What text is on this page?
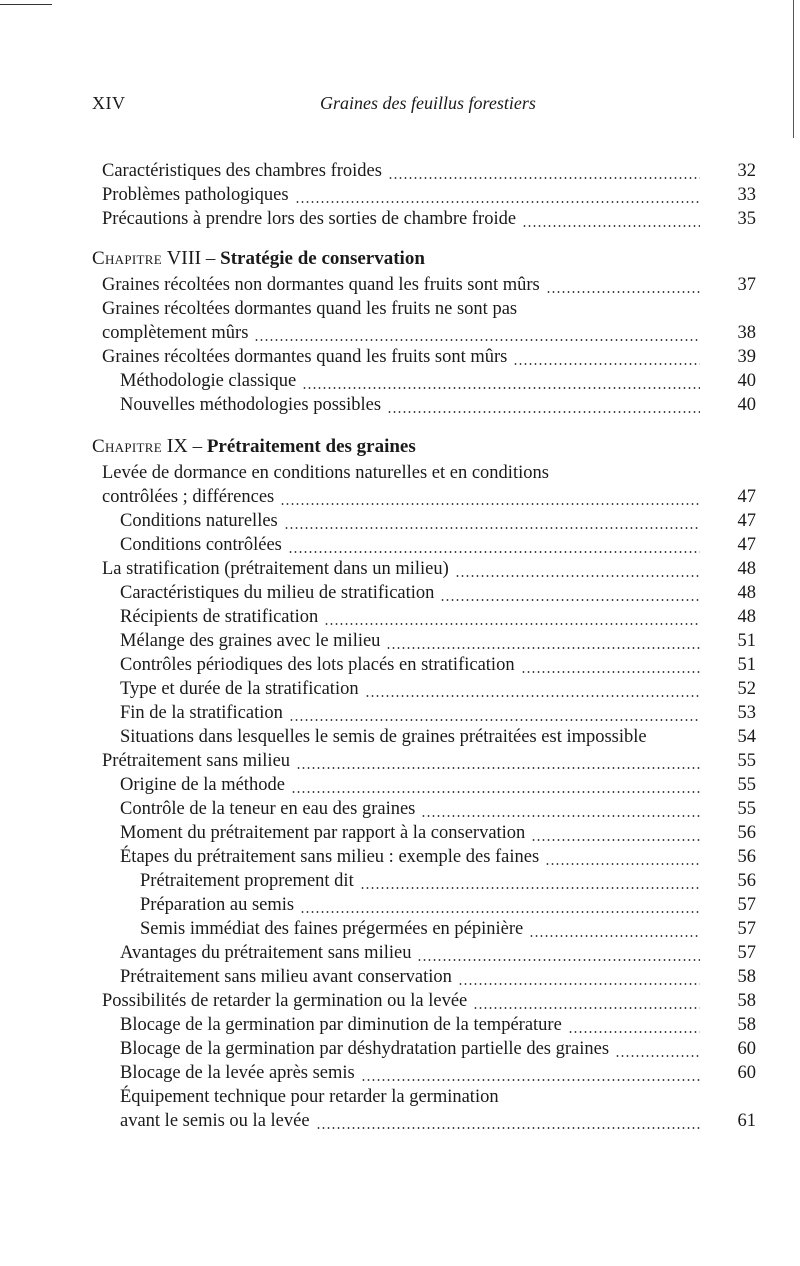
XIV	Graines des feuillus forestiers
Caractéristiques des chambres froides	32
Problèmes pathologiques	33
Précautions à prendre lors des sorties de chambre froide	35
Chapitre VIII – Stratégie de conservation
Graines récoltées non dormantes quand les fruits sont mûrs	37
Graines récoltées dormantes quand les fruits ne sont pas
complètement mûrs	38
Graines récoltées dormantes quand les fruits sont mûrs	39
Méthodologie classique	40
Nouvelles méthodologies possibles	40
Chapitre IX – Prétraitement des graines
Levée de dormance en conditions naturelles et en conditions
contrôlées ; différences	47
Conditions naturelles	47
Conditions contrôlées	47
La stratification (prétraitement dans un milieu)	48
Caractéristiques du milieu de stratification	48
Récipients de stratification	48
Mélange des graines avec le milieu	51
Contrôles périodiques des lots placés en stratification	51
Type et durée de la stratification	52
Fin de la stratification	53
Situations dans lesquelles le semis de graines prétraitées est impossible	54
Prétraitement sans milieu	55
Origine de la méthode	55
Contrôle de la teneur en eau des graines	55
Moment du prétraitement par rapport à la conservation	56
Étapes du prétraitement sans milieu : exemple des faines	56
Prétraitement proprement dit	56
Préparation au semis	57
Semis immédiat des faines prégermées en pépinière	57
Avantages du prétraitement sans milieu	57
Prétraitement sans milieu avant conservation	58
Possibilités de retarder la germination ou la levée	58
Blocage de la germination par diminution de la température	58
Blocage de la germination par déshydratation partielle des graines	60
Blocage de la levée après semis	60
Équipement technique pour retarder la germination
avant le semis ou la levée	61
